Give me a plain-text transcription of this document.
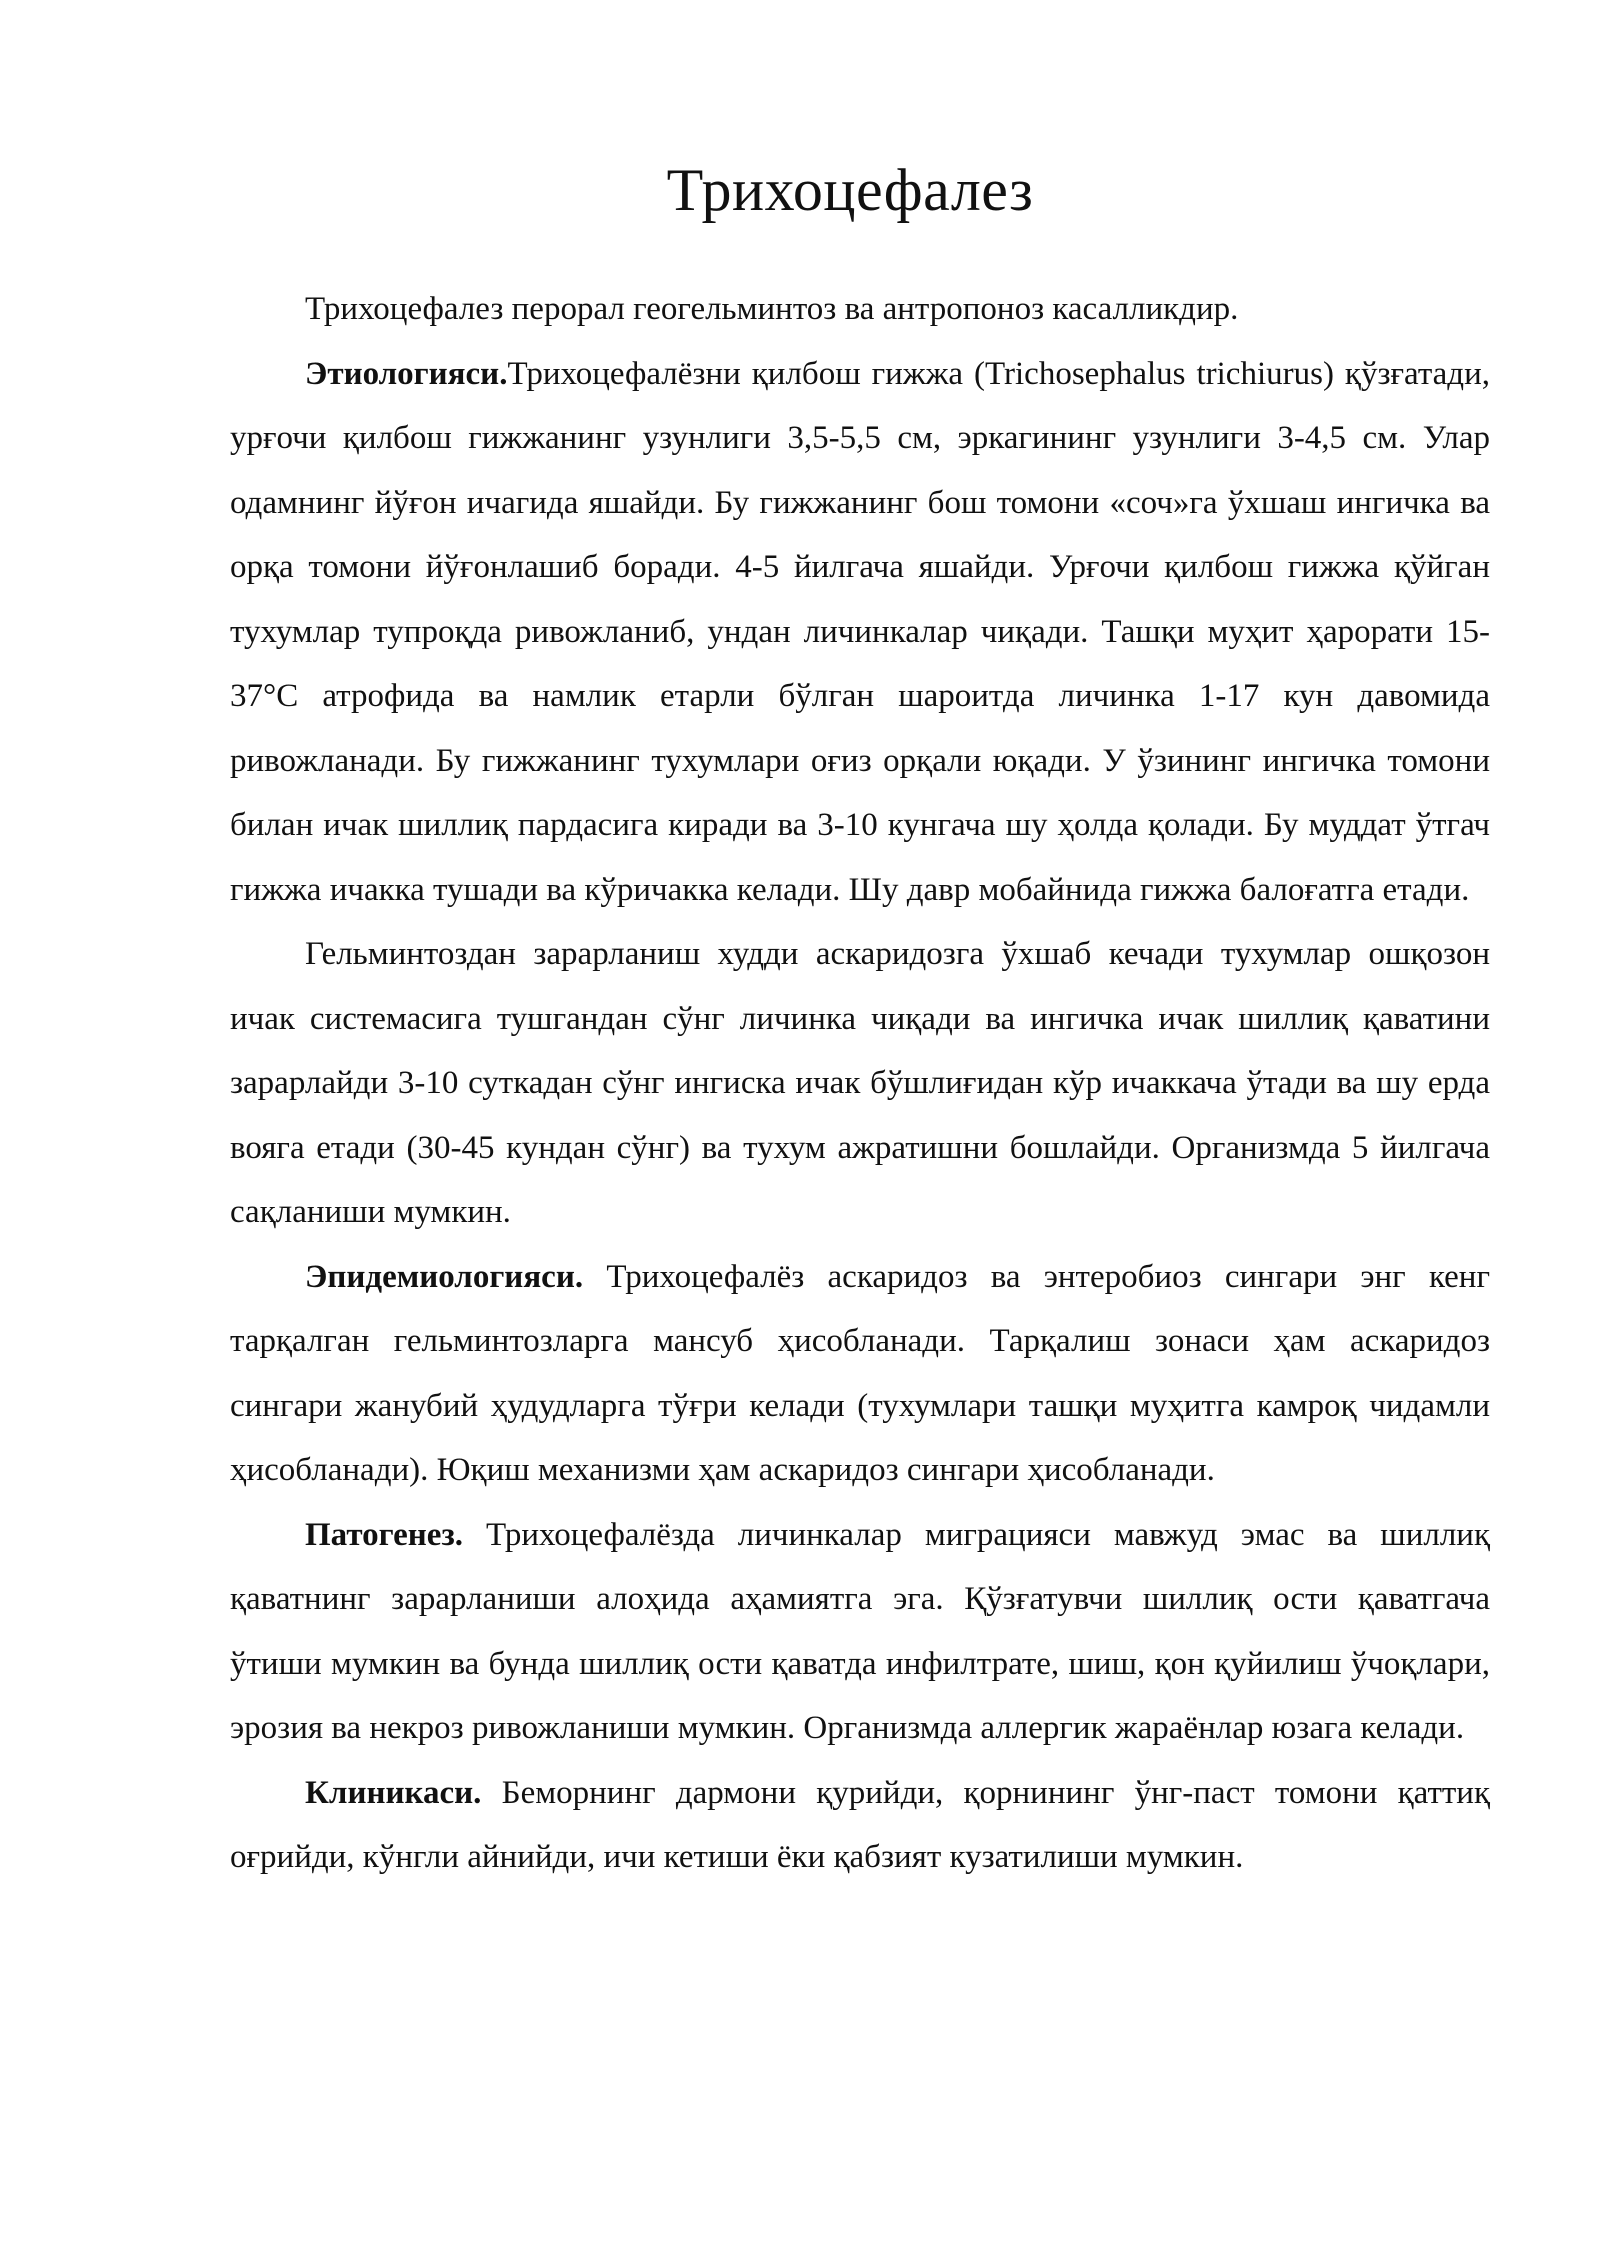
Трихоцефалез

Трихоцефалез перорал геогельминтоз ва антропоноз касалликдир.

Этиологияси.Трихоцефалёзни қилбош гижжа (Trichosephalus trichiurus) қўзғатади, урғочи қилбош гижжанинг узунлиги 3,5-5,5 см, эркагининг узунлиги 3-4,5 см. Улар одамнинг йўғон ичагида яшайди. Бу гижжанинг бош томони «соч»га ўхшаш ингичка ва орқа томони йўғонлашиб боради. 4-5 йилгача яшайди. Урғочи қилбош гижжа қўйган тухумлар тупроқда ривожланиб, ундан личинкалар чиқади. Ташқи муҳит ҳарорати 15-37°С атрофида ва намлик етарли бўлган шароитда личинка 1-17 кун давомида ривожланади. Бу гижжанинг тухумлари оғиз орқали юқади. У ўзининг ингичка томони билан ичак шиллиқ пардасига киради ва 3-10 кунгача шу ҳолда қолади. Бу муддат ўтгач гижжа ичакка тушади ва кўричакка келади. Шу давр мобайнида гижжа балоғатга етади.

Гельминтоздан зарарланиш худди аскаридозга ўхшаб кечади тухумлар ошқозон ичак системасига тушгандан сўнг личинка чиқади ва ингичка ичак шиллиқ қаватини зарарлайди 3-10 суткадан сўнг ингиска ичак бўшлиғидан кўр ичаккача ўтади ва шу ерда вояга етади (30-45 кундан сўнг) ва тухум ажратишни бошлайди. Организмда 5 йилгача сақланиши мумкин.

Эпидемиологияси. Трихоцефалёз аскаридоз ва энтеробиоз сингари энг кенг тарқалган гельминтозларга мансуб ҳисобланади. Тарқалиш зонаси ҳам аскаридоз сингари жанубий ҳудудларга тўғри келади (тухумлари ташқи муҳитга камроқ чидамли ҳисобланади). Юқиш механизми ҳам аскаридоз сингари ҳисобланади.

Патогенез. Трихоцефалёзда личинкалар миграцияси мавжуд эмас ва шиллиқ қаватнинг зарарланиши алоҳида аҳамиятга эга. Қўзғатувчи шиллиқ ости қаватгача ўтиши мумкин ва бунда шиллиқ ости қаватда инфилтрате, шиш, қон қуйилиш ўчоқлари, эрозия ва некроз ривожланиши мумкин. Организмда аллергик жараёнлар юзага келади.

Клиникаси. Беморнинг дармони қурийди, қорнининг ўнг-паст томони қаттиқ оғрийди, кўнгли айнийди, ичи кетиши ёки қабзият кузатилиши мумкин.
